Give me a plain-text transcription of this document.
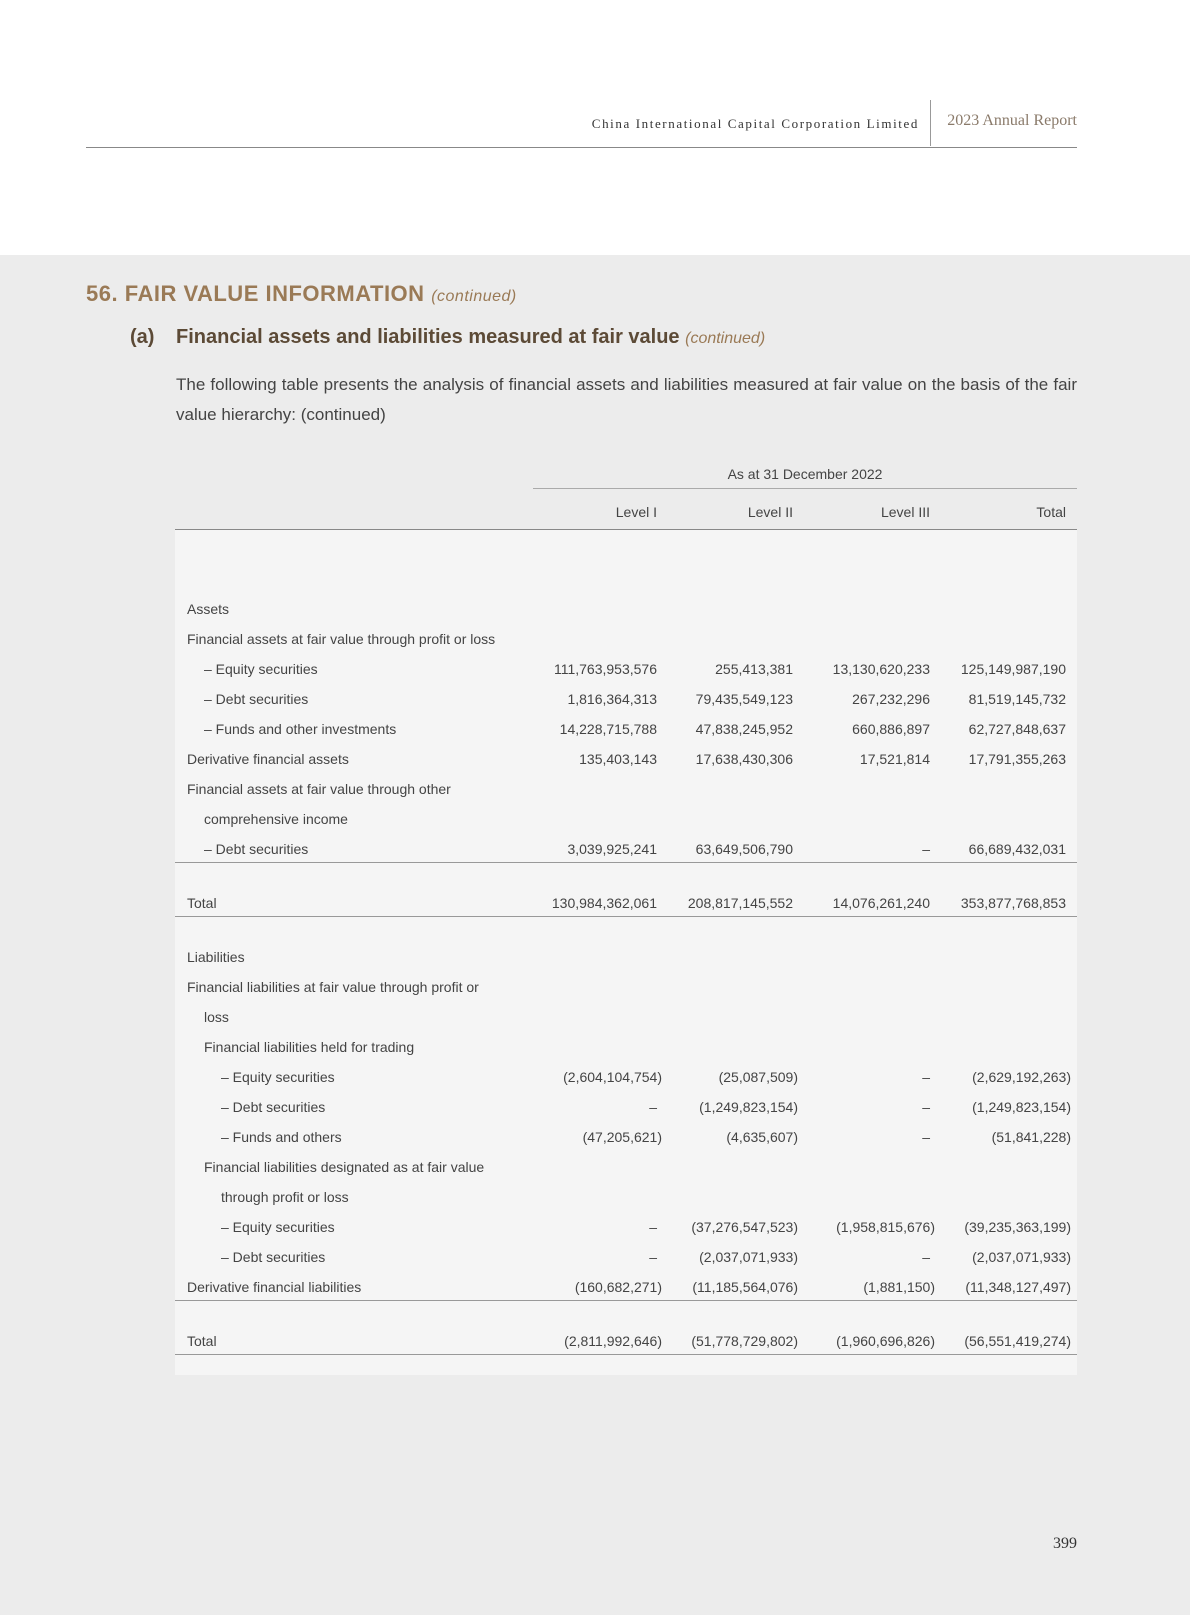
China International Capital Corporation Limited 2023 Annual Report
56. FAIR VALUE INFORMATION (continued)
(a) Financial assets and liabilities measured at fair value (continued)

The following table presents the analysis of financial assets and liabilities measured at fair value on the basis of the fair value hierarchy: (continued)

As at 31 December 2022
Level I	Level II	Level III	Total
Assets
Financial assets at fair value through profit or loss
– Equity securities	111,763,953,576	255,413,381	13,130,620,233	125,149,987,190
– Debt securities	1,816,364,313	79,435,549,123	267,232,296	81,519,145,732
– Funds and other investments	14,228,715,788	47,838,245,952	660,886,897	62,727,848,637
Derivative financial assets	135,403,143	17,638,430,306	17,521,814	17,791,355,263
Financial assets at fair value through other
comprehensive income
– Debt securities	3,039,925,241	63,649,506,790	–	66,689,432,031
Total	130,984,362,061	208,817,145,552	14,076,261,240	353,877,768,853
Liabilities
Financial liabilities at fair value through profit or
loss
Financial liabilities held for trading
– Equity securities	(2,604,104,754)	(25,087,509)	–	(2,629,192,263)
– Debt securities	–	(1,249,823,154)	–	(1,249,823,154)
– Funds and others	(47,205,621)	(4,635,607)	–	(51,841,228)
Financial liabilities designated as at fair value
through profit or loss
– Equity securities	–	(37,276,547,523)	(1,958,815,676)	(39,235,363,199)
– Debt securities	–	(2,037,071,933)	–	(2,037,071,933)
Derivative financial liabilities	(160,682,271)	(11,185,564,076)	(1,881,150)	(11,348,127,497)
Total	(2,811,992,646)	(51,778,729,802)	(1,960,696,826)	(56,551,419,274)
399
